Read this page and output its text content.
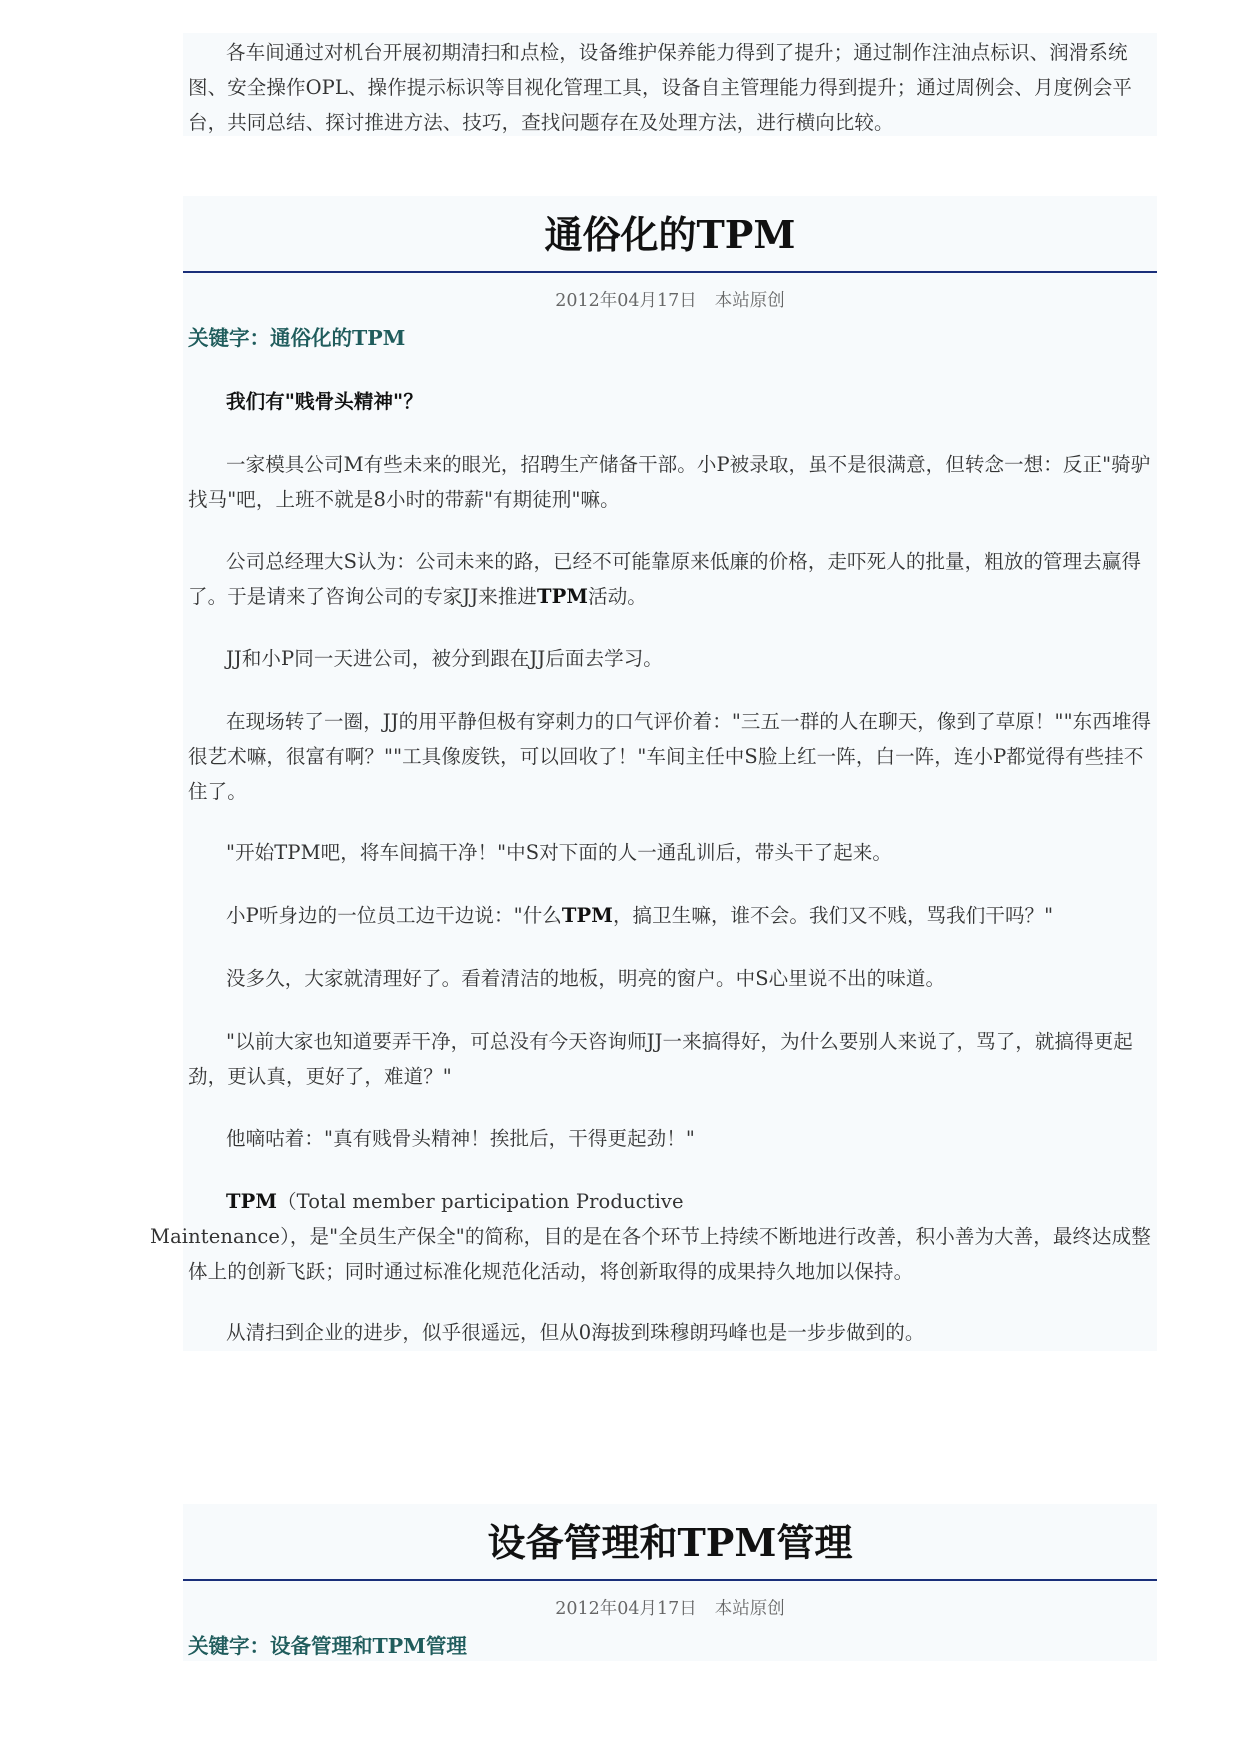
各车间通过对机台开展初期清扫和点检，设备维护保养能力得到了提升；通过制作注油点标识、润滑系统图、安全操作OPL、操作提示标识等目视化管理工具，设备自主管理能力得到提升；通过周例会、月度例会平台，共同总结、探讨推进方法、技巧，查找问题存在及处理方法，进行横向比较。

通俗化的TPM
2012年04月17日 本站原创
关键字：通俗化的TPM

我们有"贱骨头精神"？

一家模具公司M有些未来的眼光，招聘生产储备干部。小P被录取，虽不是很满意，但转念一想：反正"骑驴找马"吧，上班不就是8小时的带薪"有期徒刑"嘛。

公司总经理大S认为：公司未来的路，已经不可能靠原来低廉的价格，走吓死人的批量，粗放的管理去赢得了。于是请来了咨询公司的专家JJ来推进TPM活动。

JJ和小P同一天进公司，被分到跟在JJ后面去学习。

在现场转了一圈，JJ的用平静但极有穿刺力的口气评价着："三五一群的人在聊天，像到了草原！""东西堆得很艺术嘛，很富有啊？""工具像废铁，可以回收了！"车间主任中S脸上红一阵，白一阵，连小P都觉得有些挂不住了。

"开始TPM吧，将车间搞干净！"中S对下面的人一通乱训后，带头干了起来。

小P听身边的一位员工边干边说："什么TPM，搞卫生嘛，谁不会。我们又不贱，骂我们干吗？"

没多久，大家就清理好了。看着清洁的地板，明亮的窗户。中S心里说不出的味道。

"以前大家也知道要弄干净，可总没有今天咨询师JJ一来搞得好，为什么要别人来说了，骂了，就搞得更起劲，更认真，更好了，难道？"

他嘀咕着："真有贱骨头精神！挨批后，干得更起劲！"

TPM（Total member participation Productive
Maintenance），是"全员生产保全"的简称，目的是在各个环节上持续不断地进行改善，积小善为大善，最终达成整体上的创新飞跃；同时通过标准化规范化活动，将创新取得的成果持久地加以保持。

从清扫到企业的进步，似乎很遥远，但从0海拔到珠穆朗玛峰也是一步步做到的。

设备管理和TPM管理
2012年04月17日 本站原创
关键字：设备管理和TPM管理
